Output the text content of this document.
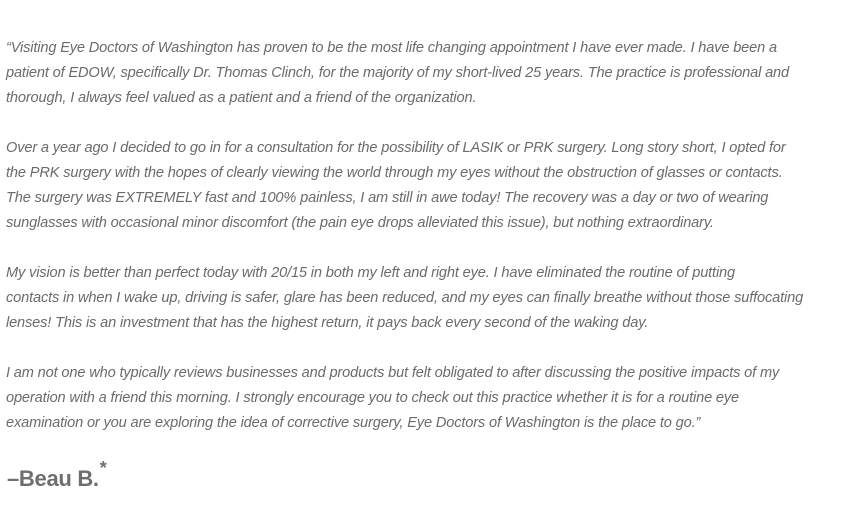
“Visiting Eye Doctors of Washington has proven to be the most life changing appointment I have ever made. I have been a
patient of EDOW, specifically Dr. Thomas Clinch, for the majority of my short-lived 25 years. The practice is professional and
thorough, I always feel valued as a patient and a friend of the organization.

Over a year ago I decided to go in for a consultation for the possibility of LASIK or PRK surgery. Long story short, I opted for
the PRK surgery with the hopes of clearly viewing the world through my eyes without the obstruction of glasses or contacts.
The surgery was EXTREMELY fast and 100% painless, I am still in awe today! The recovery was a day or two of wearing
sunglasses with occasional minor discomfort (the pain eye drops alleviated this issue), but nothing extraordinary.

My vision is better than perfect today with 20/15 in both my left and right eye. I have eliminated the routine of putting
contacts in when I wake up, driving is safer, glare has been reduced, and my eyes can finally breathe without those suffocating
lenses! This is an investment that has the highest return, it pays back every second of the waking day.

I am not one who typically reviews businesses and products but felt obligated to after discussing the positive impacts of my
operation with a friend this morning. I strongly encourage you to check out this practice whether it is for a routine eye
examination or you are exploring the idea of corrective surgery, Eye Doctors of Washington is the place to go.”

–Beau B.*
